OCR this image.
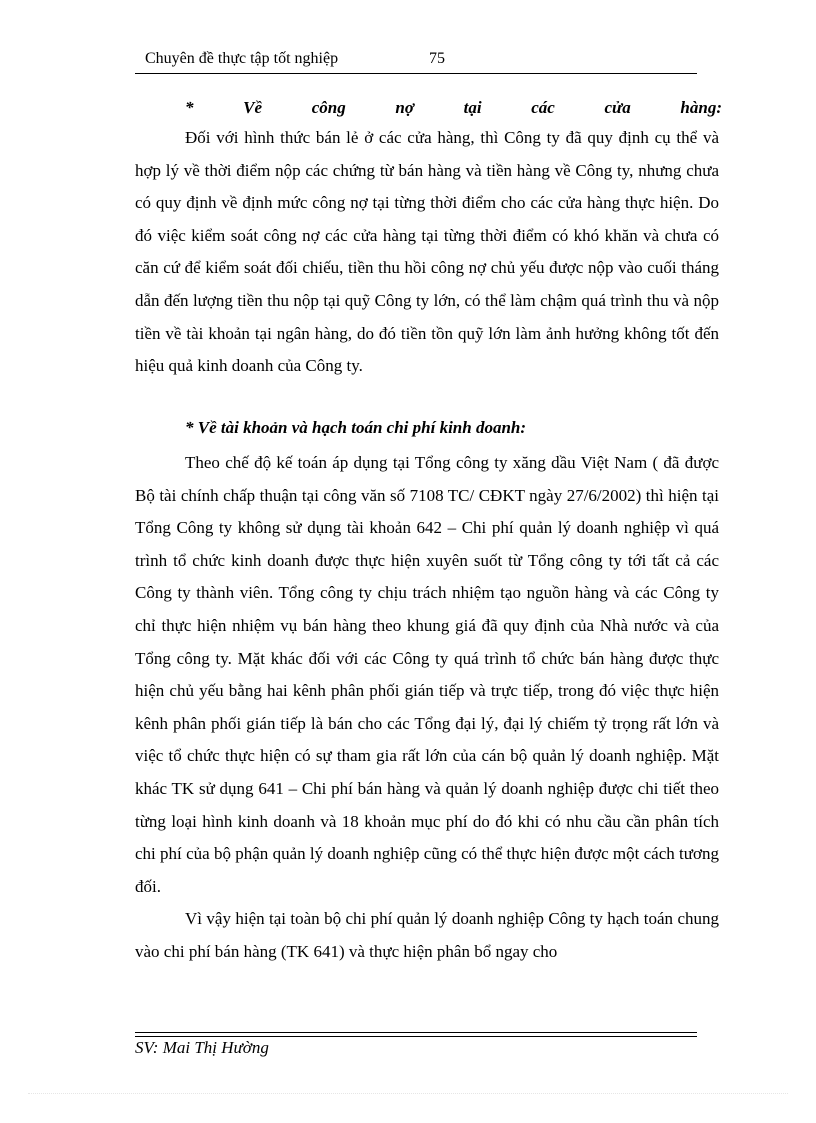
Chuyên đề thực tập tốt nghiệp	75
* Về công nợ tại các cửa hàng:

Đối với hình thức bán lẻ ở các cửa hàng, thì Công ty đã quy định cụ thể và hợp lý về thời điểm nộp các chứng từ bán hàng và tiền hàng về Công ty, nhưng chưa có quy định về định mức công nợ tại từng thời điểm cho các cửa hàng thực hiện. Do đó việc kiểm soát công nợ các cửa hàng tại từng thời điểm có khó khăn và chưa có căn cứ để kiểm soát đối chiếu, tiền thu hồi công nợ chủ yếu được nộp vào cuối tháng dẫn đến lượng tiền thu nộp tại quỹ Công ty lớn, có thể làm chậm quá trình thu và nộp tiền về tài khoản tại ngân hàng, do đó tiền tồn quỹ lớn làm ảnh hưởng không tốt đến hiệu quả kinh doanh của Công ty.

* Về tài khoản và hạch toán chi phí kinh doanh:

Theo chế độ kế toán áp dụng tại Tổng công ty xăng dầu Việt Nam ( đã được Bộ tài chính chấp thuận tại công văn số 7108 TC/ CĐKT ngày 27/6/2002) thì hiện tại Tổng Công ty không sử dụng tài khoản 642 – Chi phí quản lý doanh nghiệp vì quá trình tổ chức kinh doanh được thực hiện xuyên suốt từ Tổng công ty tới tất cả các Công ty thành viên. Tổng công ty chịu trách nhiệm tạo nguồn hàng và các Công ty chỉ thực hiện nhiệm vụ bán hàng theo khung giá đã quy định của Nhà nước và của Tổng công ty. Mặt khác đối với các Công ty quá trình tổ chức bán hàng được thực hiện chủ yếu bằng hai kênh phân phối gián tiếp và trực tiếp, trong đó việc thực hiện kênh phân phối gián tiếp là bán cho các Tổng đại lý, đại lý chiếm tỷ trọng rất lớn và việc tổ chức thực hiện có sự tham gia rất lớn của cán bộ quản lý doanh nghiệp. Mặt khác TK sử dụng 641 – Chi phí bán hàng và quản lý doanh nghiệp được chi tiết theo từng loại hình kinh doanh và 18 khoản mục phí do đó khi có nhu cầu cần phân tích chi phí của bộ phận quản lý doanh nghiệp cũng có thể thực hiện được một cách tương đối.

Vì vậy hiện tại toàn bộ chi phí quản lý doanh nghiệp Công ty hạch toán chung vào chi phí bán hàng (TK 641) và thực hiện phân bổ ngay cho

SV: Mai Thị Hường
